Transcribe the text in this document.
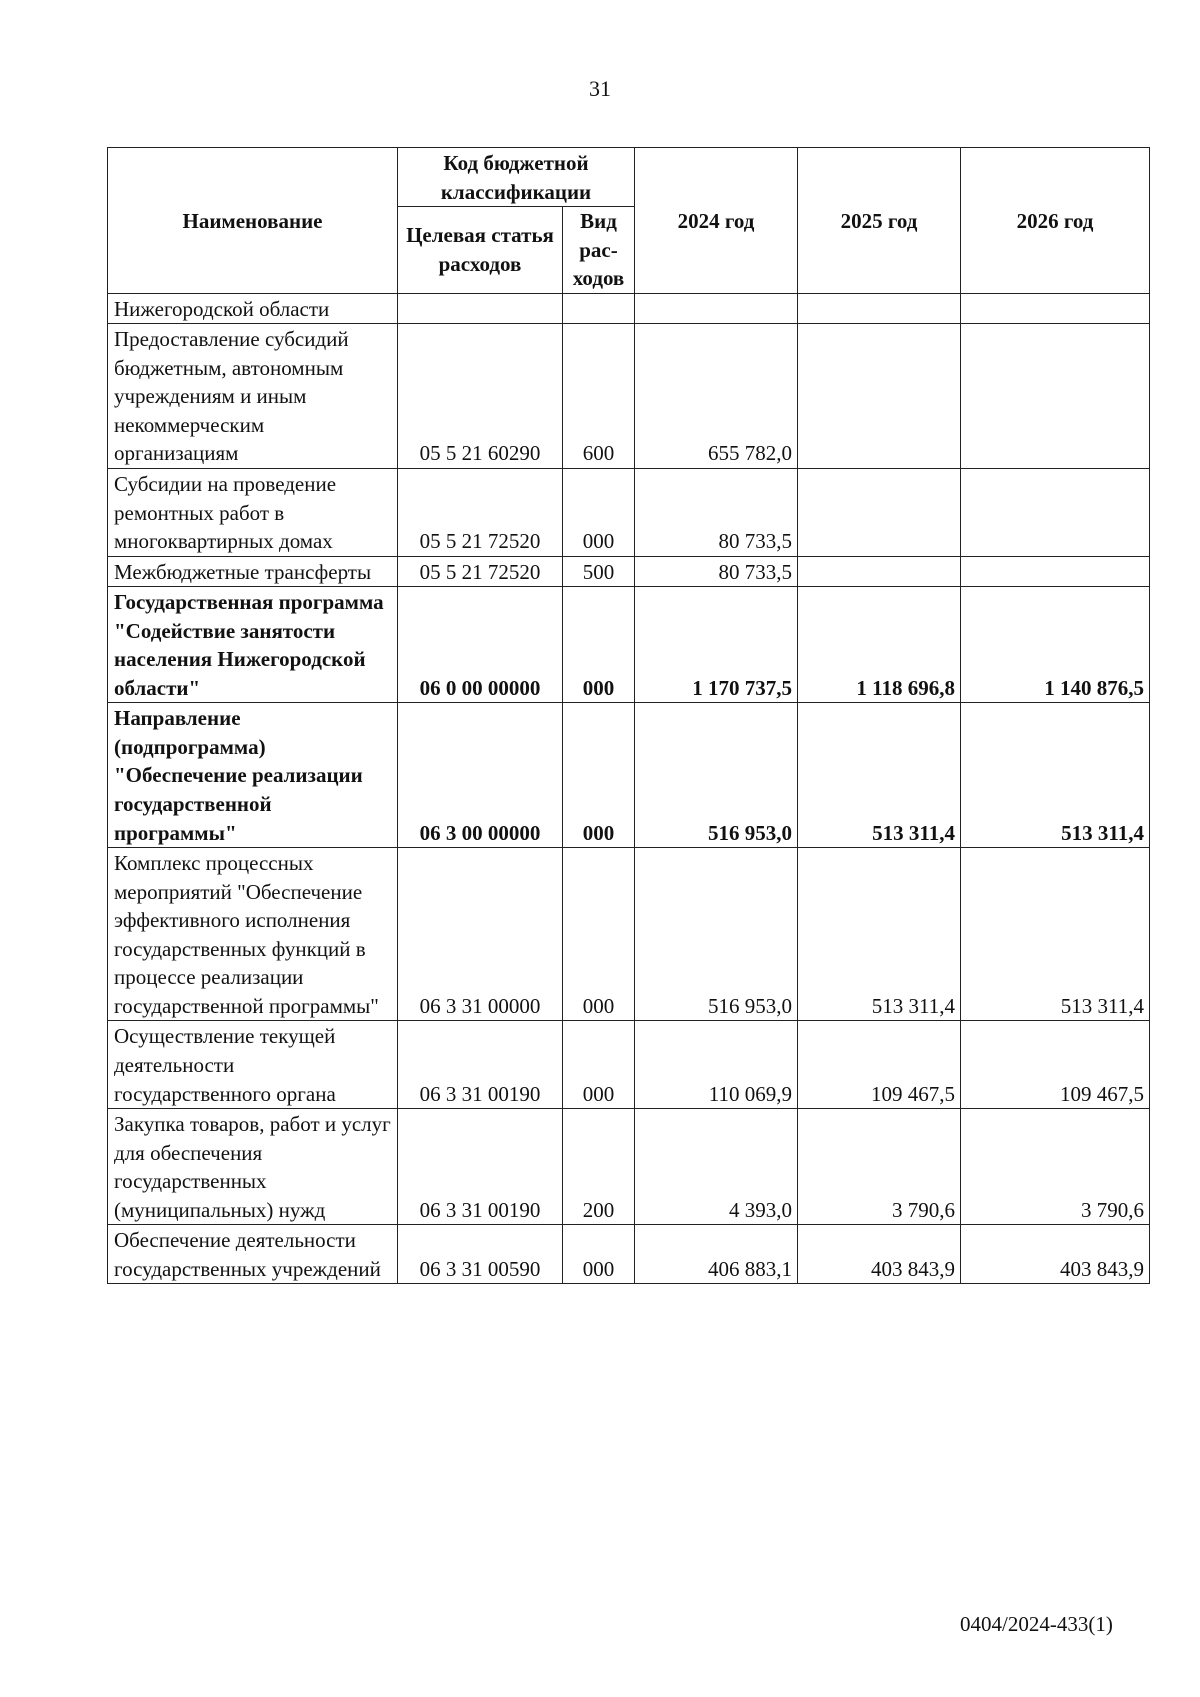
31
Наименование	Код бюджетной классификации		2024 год	2025 год	2026 год
	Целевая статья расходов	Вид рас-ходов			
Нижегородской области					
Предоставление субсидий бюджетным, автономным учреждениям и иным некоммерческим организациям	05 5 21 60290	600	655 782,0		
Субсидии на проведение ремонтных работ в многоквартирных домах	05 5 21 72520	000	80 733,5		
Межбюджетные трансферты	05 5 21 72520	500	80 733,5		
Государственная программа "Содействие занятости населения Нижегородской области"	06 0 00 00000	000	1 170 737,5	1 118 696,8	1 140 876,5
Направление (подпрограмма) "Обеспечение реализации государственной программы"	06 3 00 00000	000	516 953,0	513 311,4	513 311,4
Комплекс процессных мероприятий "Обеспечение эффективного исполнения государственных функций в процессе реализации государственной программы"	06 3 31 00000	000	516 953,0	513 311,4	513 311,4
Осуществление текущей деятельности государственного органа	06 3 31 00190	000	110 069,9	109 467,5	109 467,5
Закупка товаров, работ и услуг для обеспечения государственных (муниципальных) нужд	06 3 31 00190	200	4 393,0	3 790,6	3 790,6
Обеспечение деятельности государственных учреждений	06 3 31 00590	000	406 883,1	403 843,9	403 843,9
0404/2024-433(1)
